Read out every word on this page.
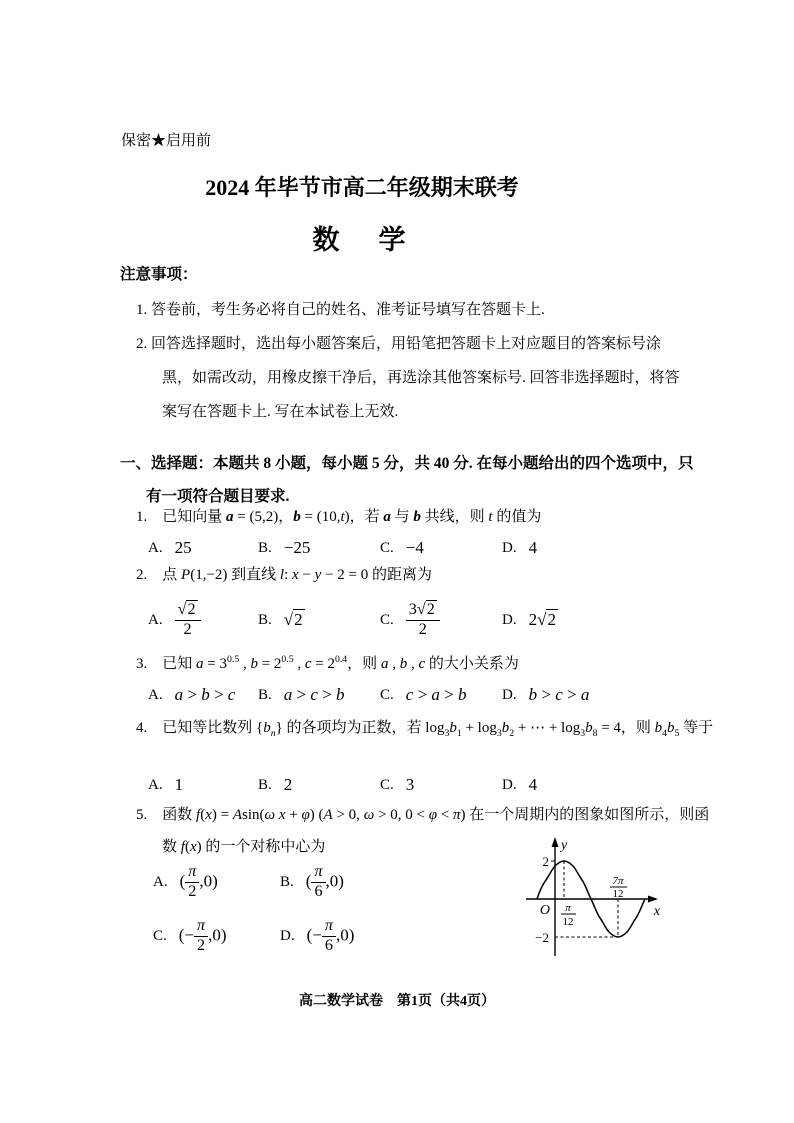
保密★启用前
2024 年毕节市高二年级期末联考
数　学
注意事项：
1. 答卷前，考生务必将自己的姓名、准考证号填写在答题卡上.
2. 回答选择题时，选出每小题答案后，用铅笔把答题卡上对应题目的答案标号涂黑，如需改动，用橡皮擦干净后，再选涂其他答案标号. 回答非选择题时，将答案写在答题卡上. 写在本试卷上无效.
一、选择题：本题共 8 小题，每小题 5 分，共 40 分. 在每小题给出的四个选项中，只有一项符合题目要求.
1.　 已知向量 a = (5,2)，b = (10,t)，若 a 与 b 共线，则 t 的值为
A. 25	B. −25	C. −4	D. 4
2.　 点 P(1,−2) 到直线 l: x − y − 2 = 0 的距离为
A. $\frac{√2}{2}$	B. √2	C. $\frac{3√2}{2}$	D. 2√2
3.　 已知 $a = 3^{0.5}$ , $b = 2^{0.5}$ , $c = 2^{0.4}$，则 a , b , c 的大小关系为
A. a > b > c B. a > c > b C. c > a > b D. b > c > a
4.　 已知等比数列 $\{b_n\}$ 的各项均为正数，若 $\log_3b_1 + \log_3b_2$ + ⋯ + $\log_3b_8 = 4$，则 $b_4b_5$ 等于
A. 1	B. 2	C. 3	D. 4
5.　 函数 f(x) = Asin(ω x + φ) (A > 0, ω > 0, 0 < φ < π) 在一个周期内的图象如图所示，则函数 f(x) 的一个对称中心为
A. ( $\frac{\pi}{2} ,0$)	B. ( $\frac{\pi}{6} ,0$)
C. (− $\frac{\pi}{2} ,0$)	D. (− $\frac{\pi}{6} ,0$)
2
−2
O	x
y
π
12
7π
12
高二数学试卷　第1页（共4页）
